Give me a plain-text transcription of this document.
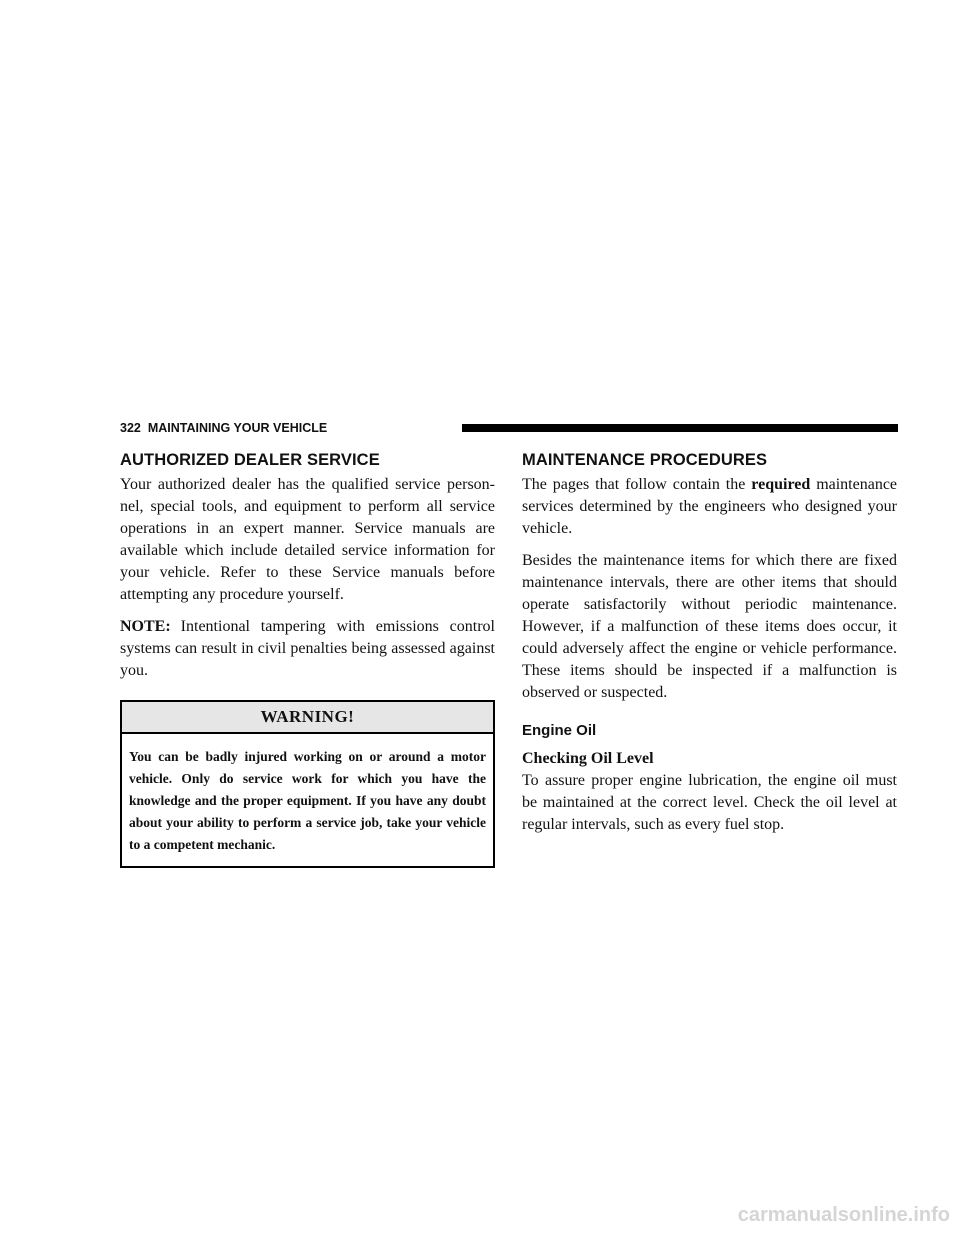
322 MAINTAINING YOUR VEHICLE
AUTHORIZED DEALER SERVICE

Your authorized dealer has the qualified service person-nel, special tools, and equipment to perform all service operations in an expert manner. Service manuals are available which include detailed service information for your vehicle. Refer to these Service manuals before attempting any procedure yourself.

NOTE: Intentional tampering with emissions control systems can result in civil penalties being assessed against you.

WARNING!
You can be badly injured working on or around a motor vehicle. Only do service work for which you have the knowledge and the proper equipment. If you have any doubt about your ability to perform a service job, take your vehicle to a competent mechanic.
MAINTENANCE PROCEDURES

The pages that follow contain the required maintenance services determined by the engineers who designed your vehicle.

Besides the maintenance items for which there are fixed maintenance intervals, there are other items that should operate satisfactorily without periodic maintenance. However, if a malfunction of these items does occur, it could adversely affect the engine or vehicle performance. These items should be inspected if a malfunction is observed or suspected.

Engine Oil
Checking Oil Level

To assure proper engine lubrication, the engine oil must be maintained at the correct level. Check the oil level at regular intervals, such as every fuel stop.

carmanualsonline.info
